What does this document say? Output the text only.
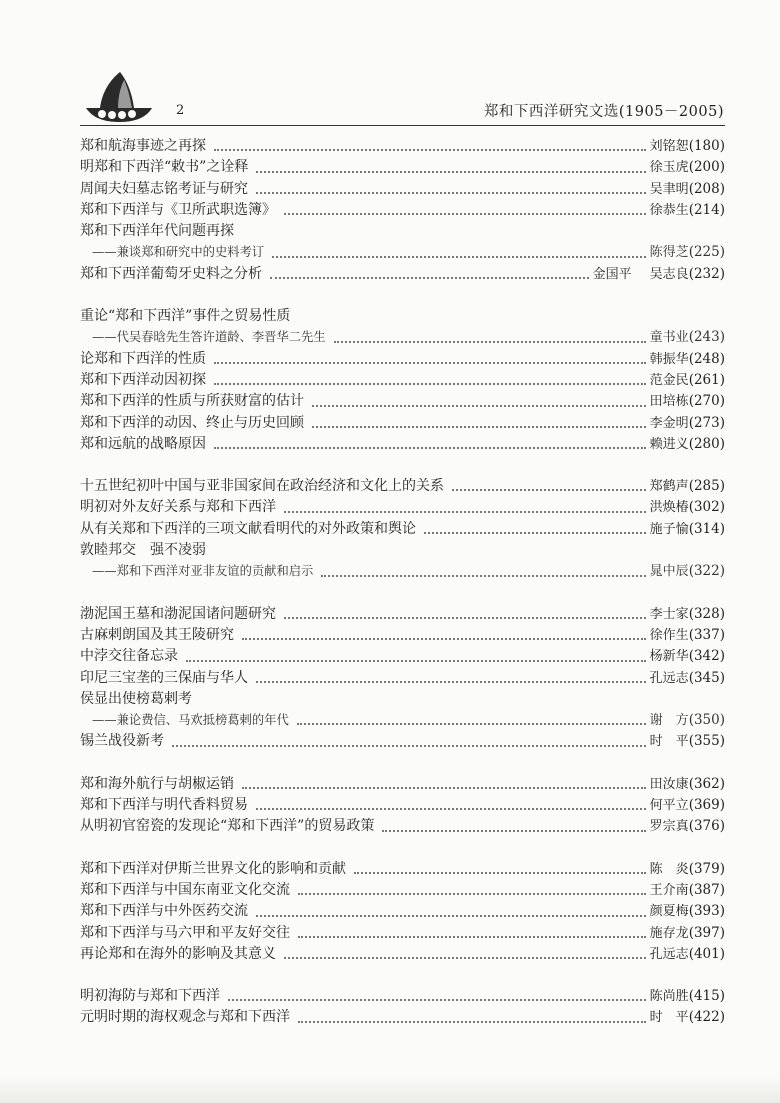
2	郑和下西洋研究文选(1905－2005)
郑和航海事迹之再探	刘铭恕 (180)
明郑和下西洋“敕书”之诠释	徐玉虎 (200)
周闻夫妇墓志铭考证与研究	吴聿明 (208)
郑和下西洋与《卫所武职选簿》	徐恭生 (214)
郑和下西洋年代问题再探
——兼谈郑和研究中的史料考订	陈得芝 (225)
郑和下西洋葡萄牙史料之分析	金国平 吴志良 (232)
重论“郑和下西洋”事件之贸易性质
——代吴春晗先生答许道龄、李晋华二先生	童书业 (243)
论郑和下西洋的性质	韩振华 (248)
郑和下西洋动因初探	范金民 (261)
郑和下西洋的性质与所获财富的估计	田培栋 (270)
郑和下西洋的动因、终止与历史回顾	李金明 (273)
郑和远航的战略原因	赖进义 (280)
十五世纪初叶中国与亚非国家间在政治经济和文化上的关系	郑鹤声 (285)
明初对外友好关系与郑和下西洋	洪焕椿 (302)
从有关郑和下西洋的三项文献看明代的对外政策和舆论	施子愉 (314)
敦睦邦交　强不凌弱
——郑和下西洋对亚非友谊的贡献和启示	晁中辰 (322)
渤泥国王墓和渤泥国诸问题研究	李士家 (328)
古麻剌朗国及其王陵研究	徐作生 (337)
中浡交往备忘录	杨新华 (342)
印尼三宝垄的三保庙与华人	孔远志 (345)
侯显出使榜葛剌考
——兼论费信、马欢抵榜葛剌的年代	谢　方 (350)
锡兰战役新考	时　平 (355)
郑和海外航行与胡椒运销	田汝康 (362)
郑和下西洋与明代香料贸易	何平立 (369)
从明初官窑瓷的发现论“郑和下西洋”的贸易政策	罗宗真 (376)
郑和下西洋对伊斯兰世界文化的影响和贡献	陈　炎 (379)
郑和下西洋与中国东南亚文化交流	王介南 (387)
郑和下西洋与中外医药交流	颜夏梅 (393)
郑和下西洋与马六甲和平友好交往	施存龙 (397)
再论郑和在海外的影响及其意义	孔远志 (401)
明初海防与郑和下西洋	陈尚胜 (415)
元明时期的海权观念与郑和下西洋	时　平 (422)
